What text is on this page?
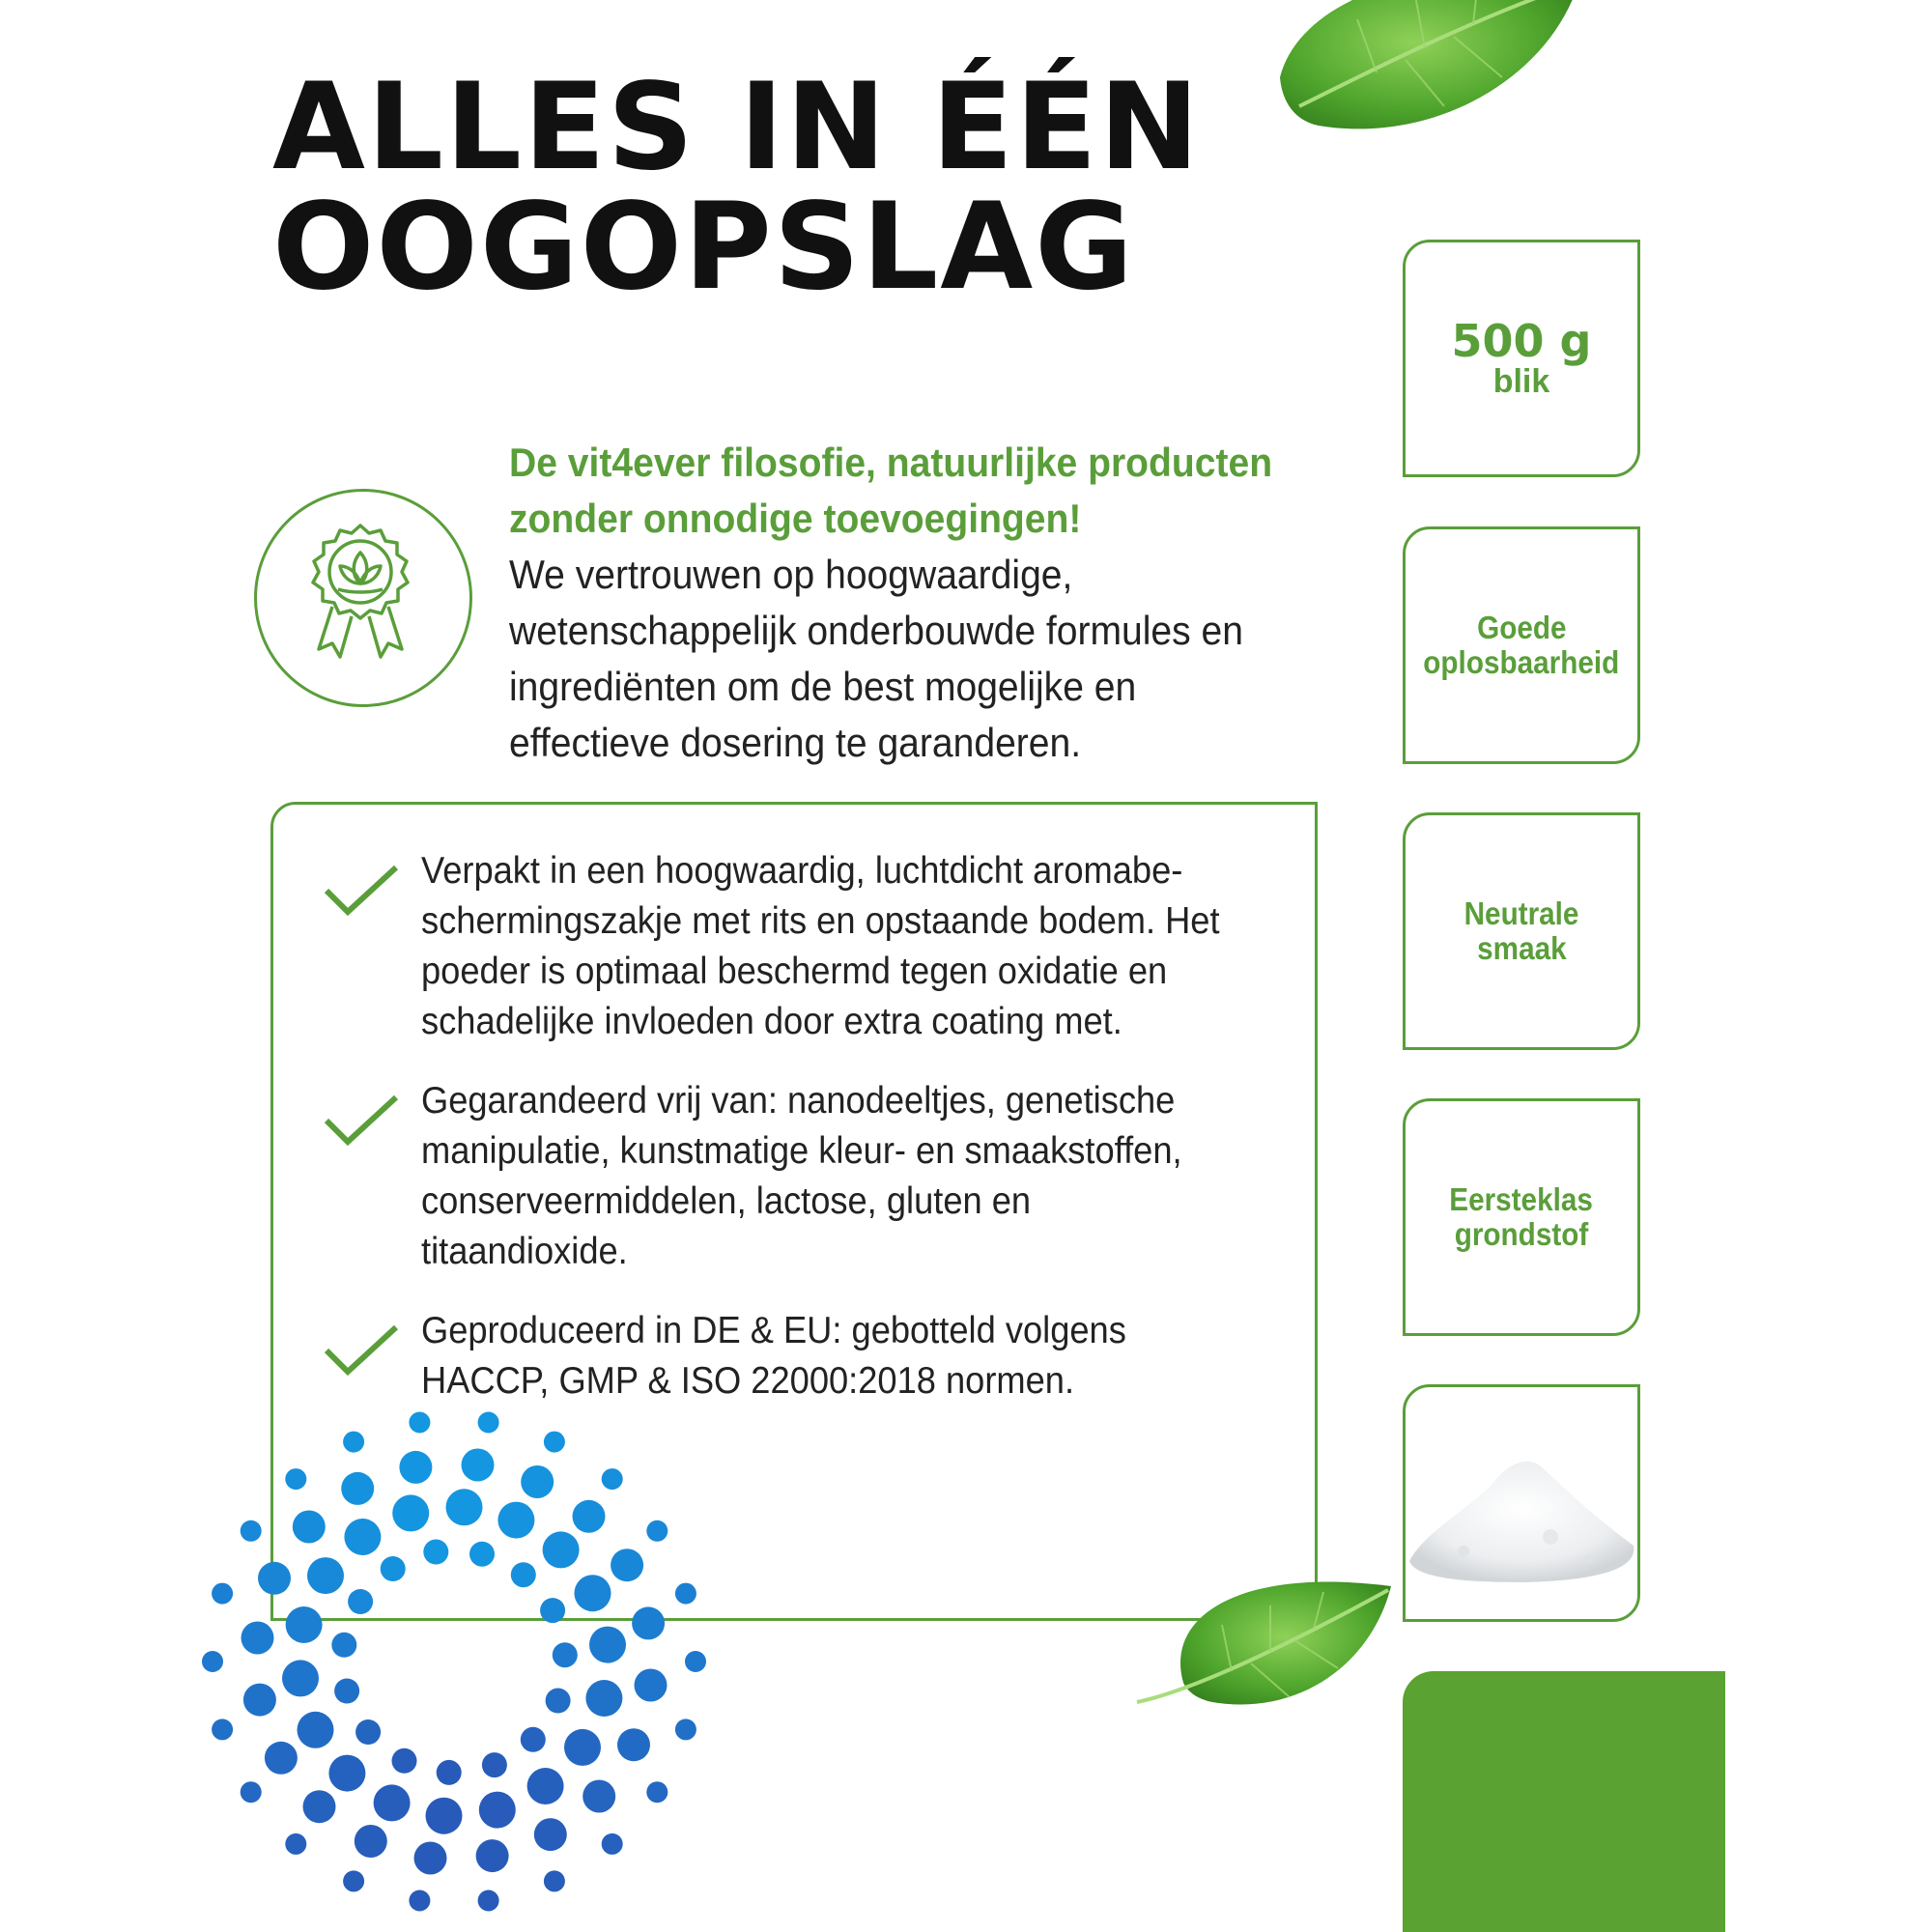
ALLES IN ÉÉN
OOGOPSLAG
De vit4ever filosofie, natuurlijke producten zonder onnodige toevoegingen!
We vertrouwen op hoogwaardige, wetenschappelijk onderbouwde formules en ingrediënten om de best mogelijke en effectieve dosering te garanderen.
Verpakt in een hoogwaardig, luchtdicht aromabe-schermingszakje met rits en opstaande bodem. Het poeder is optimaal beschermd tegen oxidatie en schadelijke invloeden door extra coating met.
Gegarandeerd vrij van: nanodeeltjes, genetische manipulatie, kunstmatige kleur- en smaakstoffen, conserveermiddelen, lactose, gluten en titaandioxide.
Geproduceerd in DE & EU: gebotteld volgens HACCP, GMP & ISO 22000:2018 normen.
500 g
blik
Goede
oplosbaarheid
Neutrale
smaak
Eersteklas
grondstof
